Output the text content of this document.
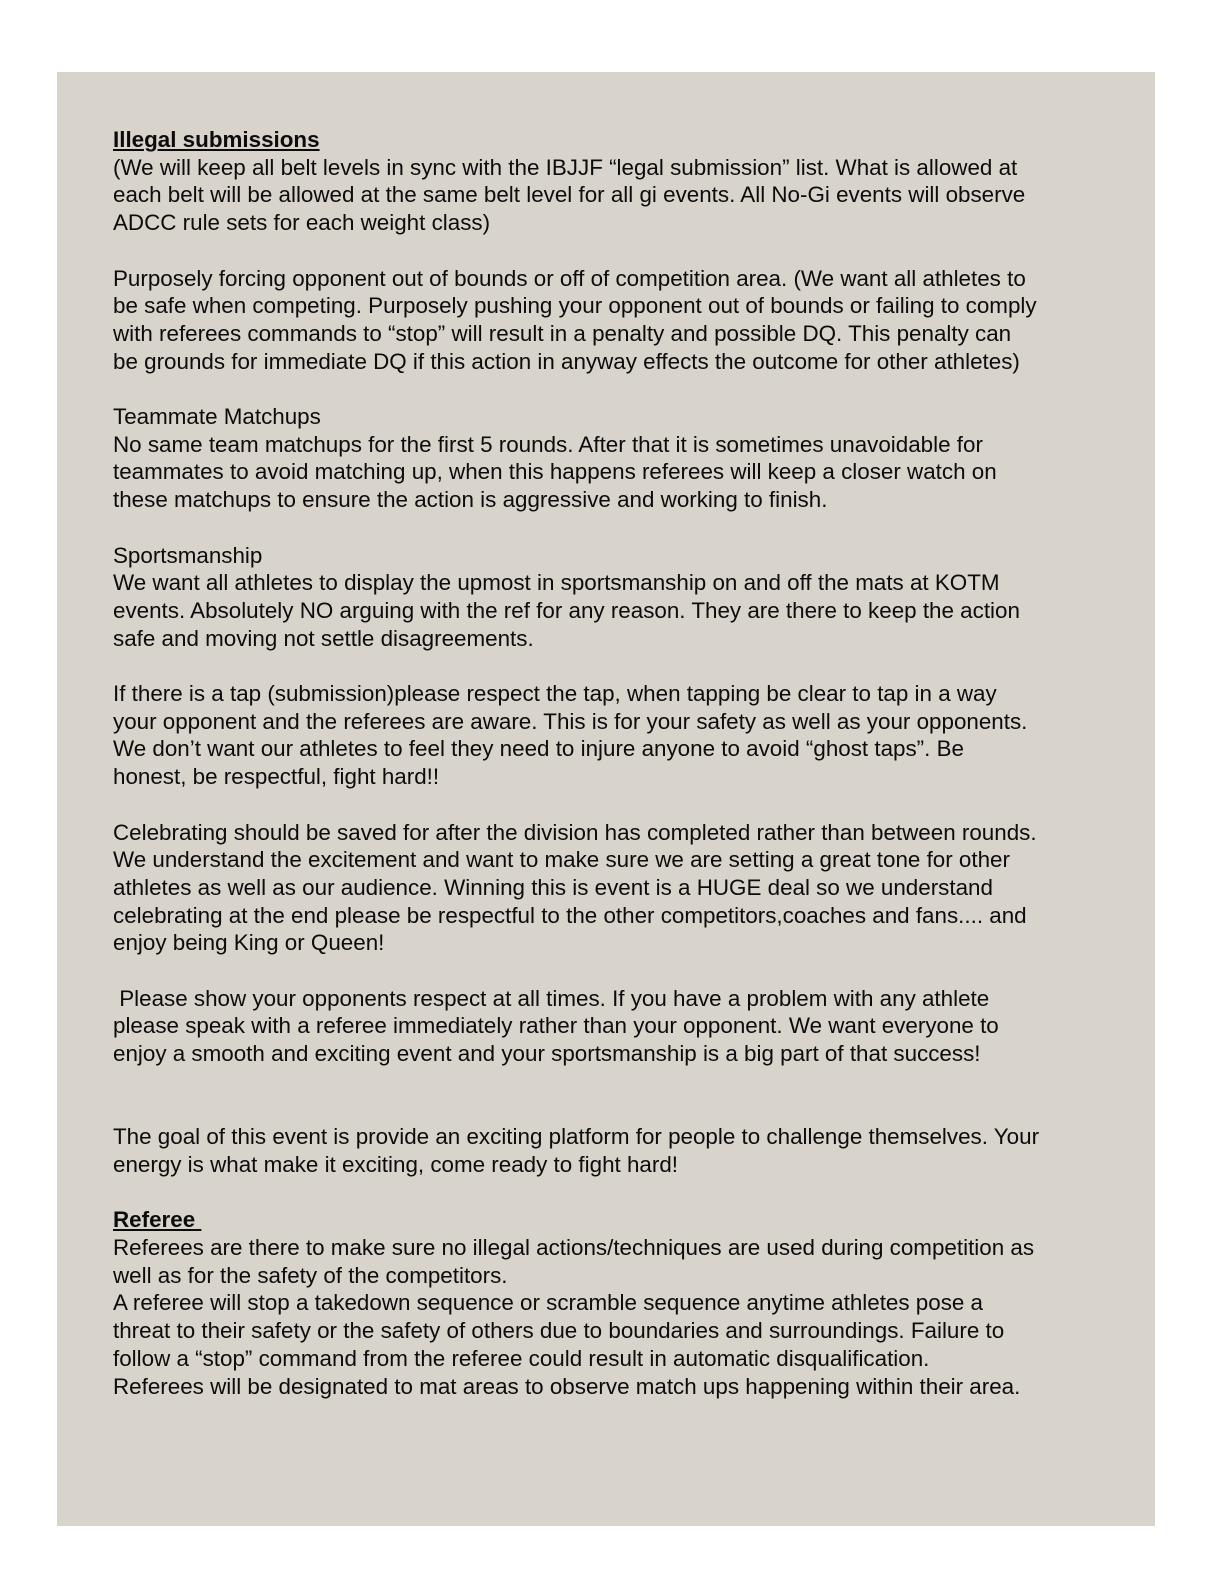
Illegal submissions

(We will keep all belt levels in sync with the IBJJF “legal submission” list. What is allowed at

each belt will be allowed at the same belt level for all gi events. All No-Gi events will observe

ADCC rule sets for each weight class)

Purposely forcing opponent out of bounds or off of competition area. (We want all athletes to

be safe when competing. Purposely pushing your opponent out of bounds or failing to comply

with referees commands to “stop” will result in a penalty and possible DQ. This penalty can

be grounds for immediate DQ if this action in anyway effects the outcome for other athletes)

Teammate Matchups

No same team matchups for the first 5 rounds. After that it is sometimes unavoidable for

teammates to avoid matching up, when this happens referees will keep a closer watch on

these matchups to ensure the action is aggressive and working to finish.

Sportsmanship

We want all athletes to display the upmost in sportsmanship on and off the mats at KOTM

events. Absolutely NO arguing with the ref for any reason. They are there to keep the action

safe and moving not settle disagreements.

If there is a tap (submission)please respect the tap, when tapping be clear to tap in a way

your opponent and the referees are aware. This is for your safety as well as your opponents.

We don’t want our athletes to feel they need to injure anyone to avoid “ghost taps”. Be

honest, be respectful, fight hard!!

Celebrating should be saved for after the division has completed rather than between rounds.

We understand the excitement and want to make sure we are setting a great tone for other

athletes as well as our audience. Winning this is event is a HUGE deal so we understand

celebrating at the end please be respectful to the other competitors,coaches and fans.... and

enjoy being King or Queen!

Please show your opponents respect at all times. If you have a problem with any athlete

please speak with a referee immediately rather than your opponent. We want everyone to

enjoy a smooth and exciting event and your sportsmanship is a big part of that success!

The goal of this event is provide an exciting platform for people to challenge themselves. Your

energy is what make it exciting, come ready to fight hard!

Referee

Referees are there to make sure no illegal actions/techniques are used during competition as

well as for the safety of the competitors.

A referee will stop a takedown sequence or scramble sequence anytime athletes pose a

threat to their safety or the safety of others due to boundaries and surroundings. Failure to

follow a “stop” command from the referee could result in automatic disqualification.

Referees will be designated to mat areas to observe match ups happening within their area.
